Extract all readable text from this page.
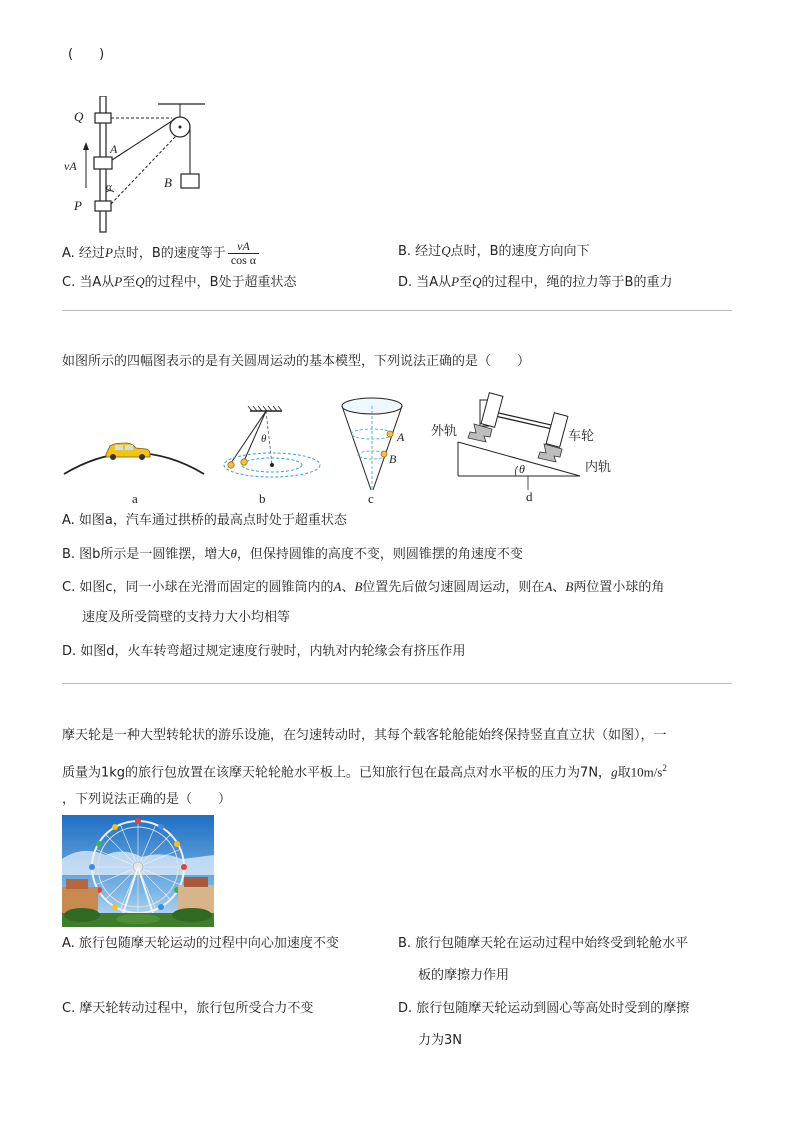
(　　)
Q
A
vA
α
P
B
A. 经过P点时，B的速度等于 $\frac{vA}{\text{cos α}}$	B. 经过Q点时，B的速度方向向下
C. 当A从P至Q的过程中，B处于超重状态	D. 当A从P至Q的过程中，绳的拉力等于B的重力
如图所示的四幅图表示的是有关圆周运动的基本模型，下列说法正确的是（　　）
a
θ
b
A
B
c
外轨	车轮
内轨
θ
d
A. 如图a，汽车通过拱桥的最高点时处于超重状态
B. 图b所示是一圆锥摆，增大θ，但保持圆锥的高度不变，则圆锥摆的角速度不变
C. 如图c，同一小球在光滑而固定的圆锥筒内的A、B位置先后做匀速圆周运动，则在A、B两位置小球的角
速度及所受筒壁的支持力大小均相等
D. 如图d，火车转弯超过规定速度行驶时，内轨对内轮缘会有挤压作用
摩天轮是一种大型转轮状的游乐设施，在匀速转动时，其每个载客轮舱能始终保持竖直直立状（如图），一
质量为1kg的旅行包放置在该摩天轮轮舱水平板上。已知旅行包在最高点对水平板的压力为7N，g取$10m/s^2$
，下列说法正确的是（　　）
A. 旅行包随摩天轮运动的过程中向心加速度不变	B. 旅行包随摩天轮在运动过程中始终受到轮舱水平
板的摩擦力作用
C. 摩天轮转动过程中，旅行包所受合力不变	D. 旅行包随摩天轮运动到圆心等高处时受到的摩擦
力为3N
